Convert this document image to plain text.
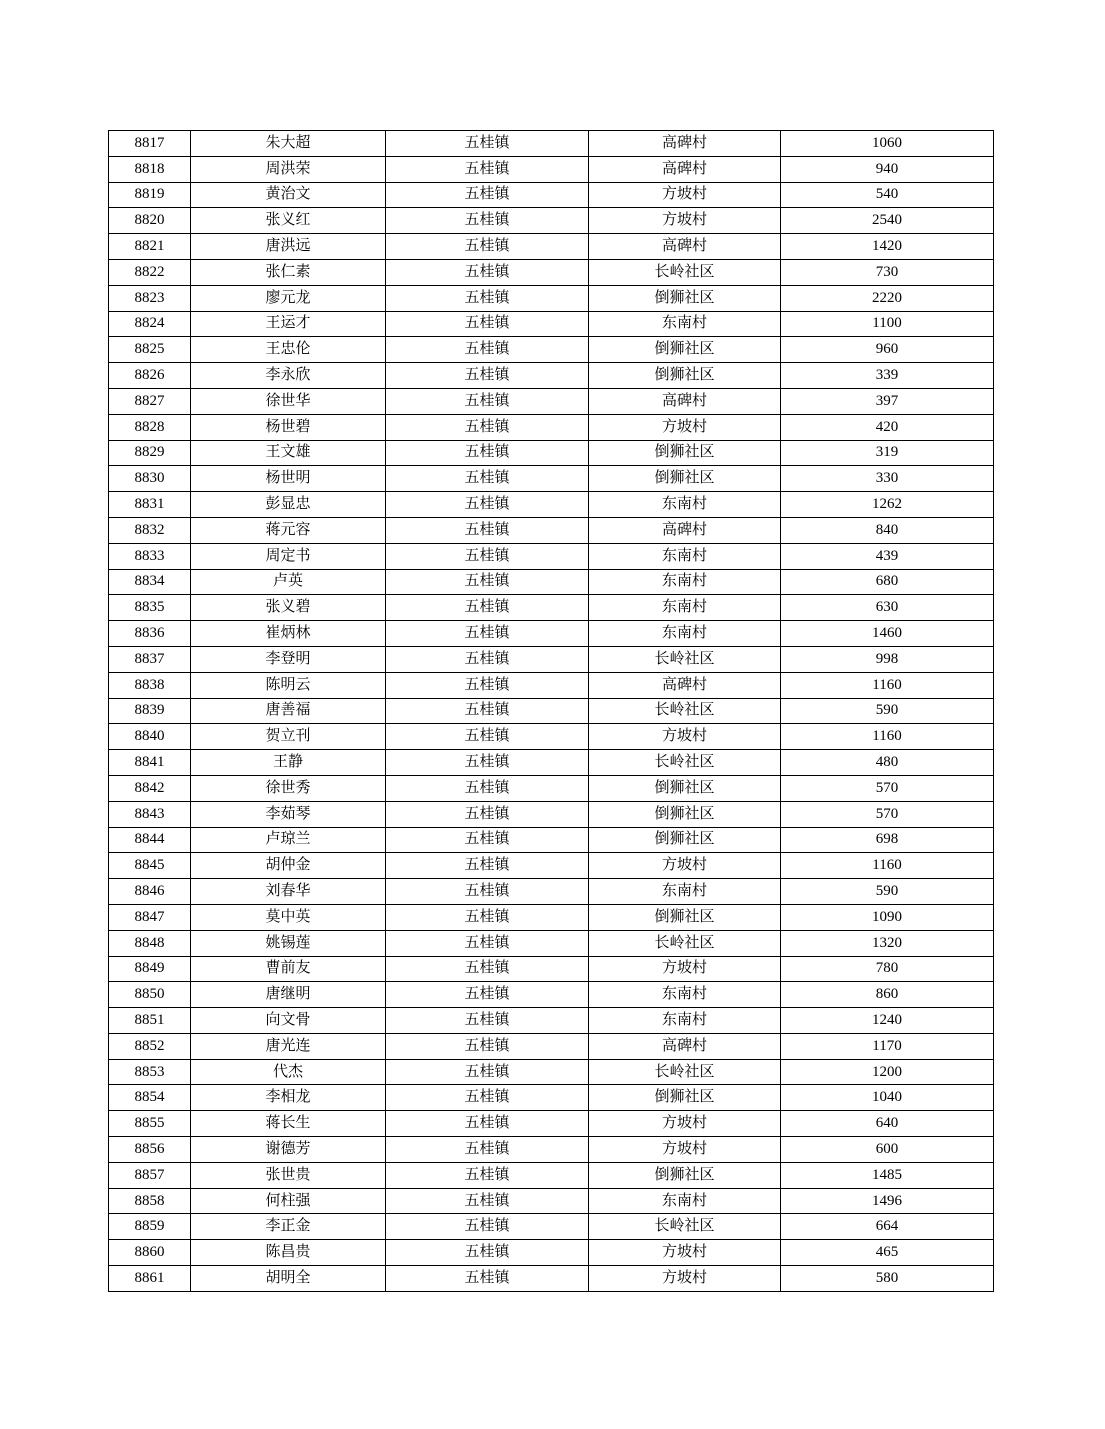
8817	朱大超	五桂镇	高碑村	1060
8818	周洪荣	五桂镇	高碑村	940
8819	黄治文	五桂镇	方坡村	540
8820	张义红	五桂镇	方坡村	2540
8821	唐洪远	五桂镇	高碑村	1420
8822	张仁素	五桂镇	长岭社区	730
8823	廖元龙	五桂镇	倒狮社区	2220
8824	王运才	五桂镇	东南村	1100
8825	王忠伦	五桂镇	倒狮社区	960
8826	李永欣	五桂镇	倒狮社区	339
8827	徐世华	五桂镇	高碑村	397
8828	杨世碧	五桂镇	方坡村	420
8829	王文雄	五桂镇	倒狮社区	319
8830	杨世明	五桂镇	倒狮社区	330
8831	彭显忠	五桂镇	东南村	1262
8832	蒋元容	五桂镇	高碑村	840
8833	周定书	五桂镇	东南村	439
8834	卢英	五桂镇	东南村	680
8835	张义碧	五桂镇	东南村	630
8836	崔炳林	五桂镇	东南村	1460
8837	李登明	五桂镇	长岭社区	998
8838	陈明云	五桂镇	高碑村	1160
8839	唐善福	五桂镇	长岭社区	590
8840	贺立刊	五桂镇	方坡村	1160
8841	王静	五桂镇	长岭社区	480
8842	徐世秀	五桂镇	倒狮社区	570
8843	李茹琴	五桂镇	倒狮社区	570
8844	卢琼兰	五桂镇	倒狮社区	698
8845	胡仲金	五桂镇	方坡村	1160
8846	刘春华	五桂镇	东南村	590
8847	莫中英	五桂镇	倒狮社区	1090
8848	姚锡莲	五桂镇	长岭社区	1320
8849	曹前友	五桂镇	方坡村	780
8850	唐继明	五桂镇	东南村	860
8851	向文骨	五桂镇	东南村	1240
8852	唐光连	五桂镇	高碑村	1170
8853	代杰	五桂镇	长岭社区	1200
8854	李相龙	五桂镇	倒狮社区	1040
8855	蒋长生	五桂镇	方坡村	640
8856	谢德芳	五桂镇	方坡村	600
8857	张世贵	五桂镇	倒狮社区	1485
8858	何柱强	五桂镇	东南村	1496
8859	李正金	五桂镇	长岭社区	664
8860	陈昌贵	五桂镇	方坡村	465
8861	胡明全	五桂镇	方坡村	580
